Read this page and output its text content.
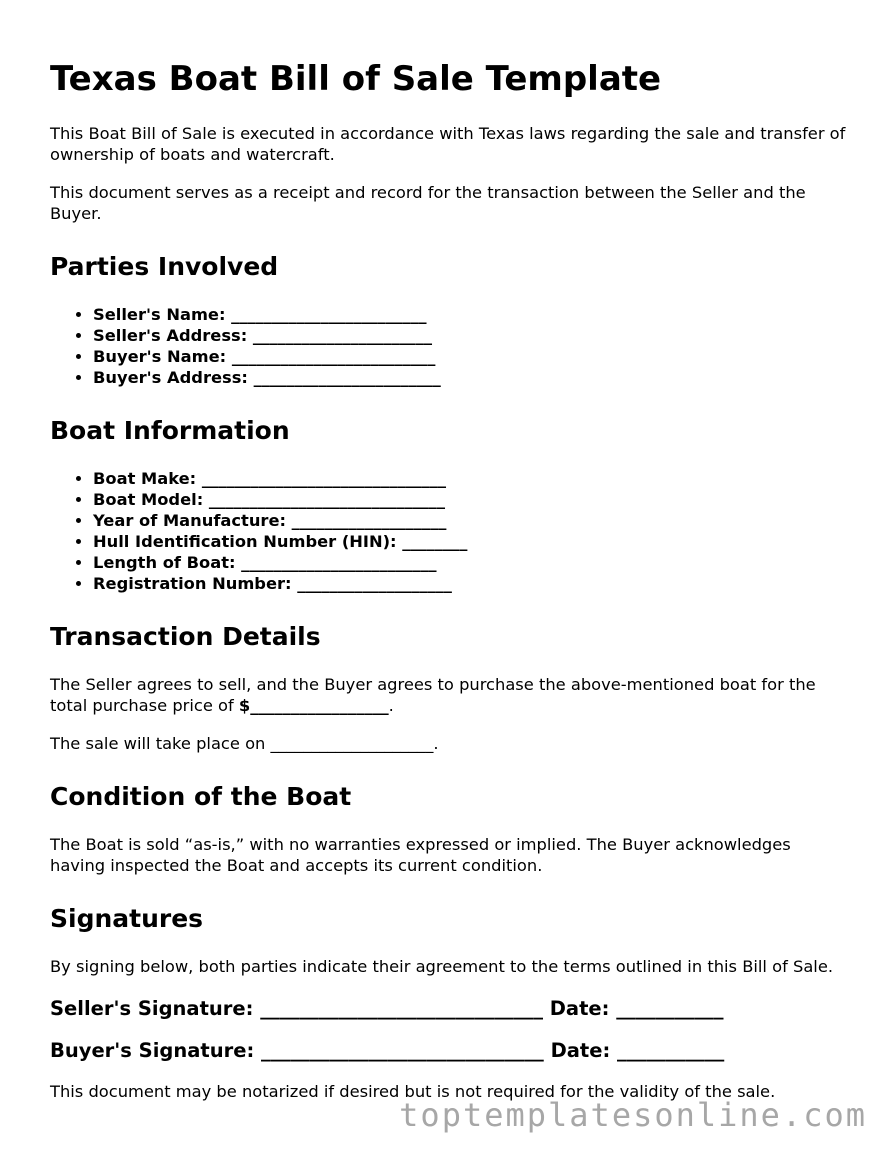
Texas Boat Bill of Sale Template

This Boat Bill of Sale is executed in accordance with Texas laws regarding the sale and transfer of ownership of boats and watercraft.

This document serves as a receipt and record for the transaction between the Seller and the Buyer.

Parties Involved
• Seller's Name: ________________________
• Seller's Address: ______________________
• Buyer's Name: _________________________
• Buyer's Address: _______________________
Boat Information
• Boat Make: ______________________________
• Boat Model: _____________________________
• Year of Manufacture: ___________________
• Hull Identification Number (HIN): ________
• Length of Boat: ________________________
• Registration Number: ___________________
Transaction Details

The Seller agrees to sell, and the Buyer agrees to purchase the above-mentioned boat for the total purchase price of $_________________.

The sale will take place on ____________________.

Condition of the Boat

The Boat is sold “as-is,” with no warranties expressed or implied. The Buyer acknowledges having inspected the Boat and accepts its current condition.

Signatures

By signing below, both parties indicate their agreement to the terms outlined in this Bill of Sale.

Seller's Signature: _____________________________ Date: ___________
Buyer's Signature: _____________________________ Date: ___________

This document may be notarized if desired but is not required for the validity of the sale.

toptemplatesonline.com
